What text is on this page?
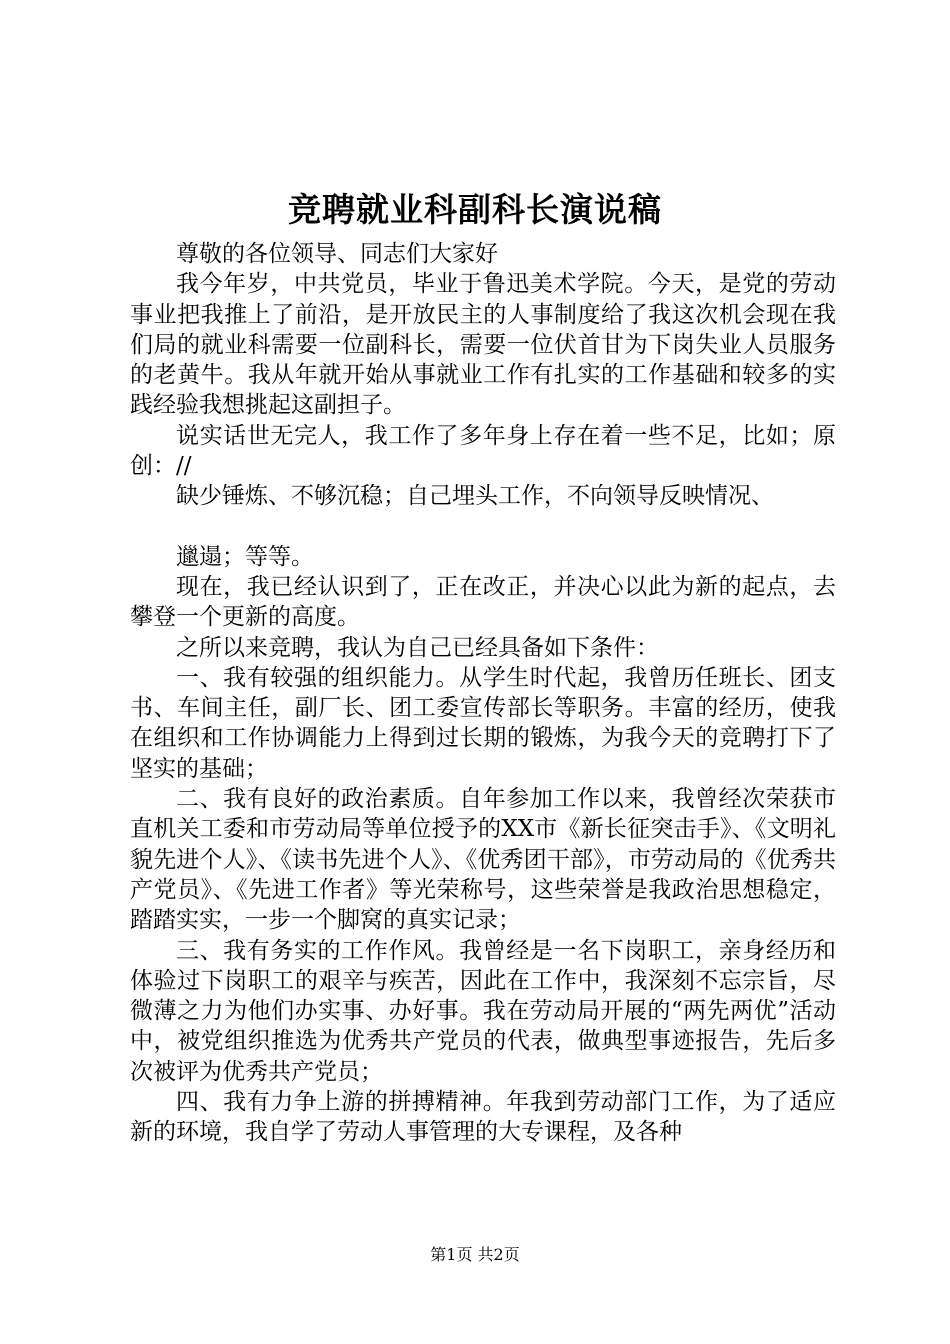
竞聘就业科副科长演说稿

尊敬的各位领导、同志们大家好

我今年岁，中共党员，毕业于鲁迅美术学院。今天，是党的劳动事业把我推上了前沿，是开放民主的人事制度给了我这次机会现在我们局的就业科需要一位副科长，需要一位伏首甘为下岗失业人员服务的老黄牛。我从年就开始从事就业工作有扎实的工作基础和较多的实践经验我想挑起这副担子。

说实话世无完人，我工作了多年身上存在着一些不足，比如；原创：//

缺少锤炼、不够沉稳；自己埋头工作，不向领导反映情况、

邋遢；等等。

现在，我已经认识到了，正在改正，并决心以此为新的起点，去攀登一个更新的高度。

之所以来竞聘，我认为自己已经具备如下条件：

一、我有较强的组织能力。从学生时代起，我曾历任班长、团支书、车间主任，副厂长、团工委宣传部长等职务。丰富的经历，使我在组织和工作协调能力上得到过长期的锻炼，为我今天的竞聘打下了坚实的基础；

二、我有良好的政治素质。自年参加工作以来，我曾经次荣获市直机关工委和市劳动局等单位授予的XX市《新长征突击手》、《文明礼貌先进个人》、《读书先进个人》、《优秀团干部》，市劳动局的《优秀共产党员》、《先进工作者》等光荣称号，这些荣誉是我政治思想稳定，踏踏实实，一步一个脚窝的真实记录；

三、我有务实的工作作风。我曾经是一名下岗职工，亲身经历和体验过下岗职工的艰辛与疾苦，因此在工作中，我深刻不忘宗旨，尽微薄之力为他们办实事、办好事。我在劳动局开展的“两先两优”活动中，被党组织推选为优秀共产党员的代表，做典型事迹报告，先后多次被评为优秀共产党员；

四、我有力争上游的拼搏精神。年我到劳动部门工作，为了适应新的环境，我自学了劳动人事管理的大专课程，及各种

第1页 共2页
